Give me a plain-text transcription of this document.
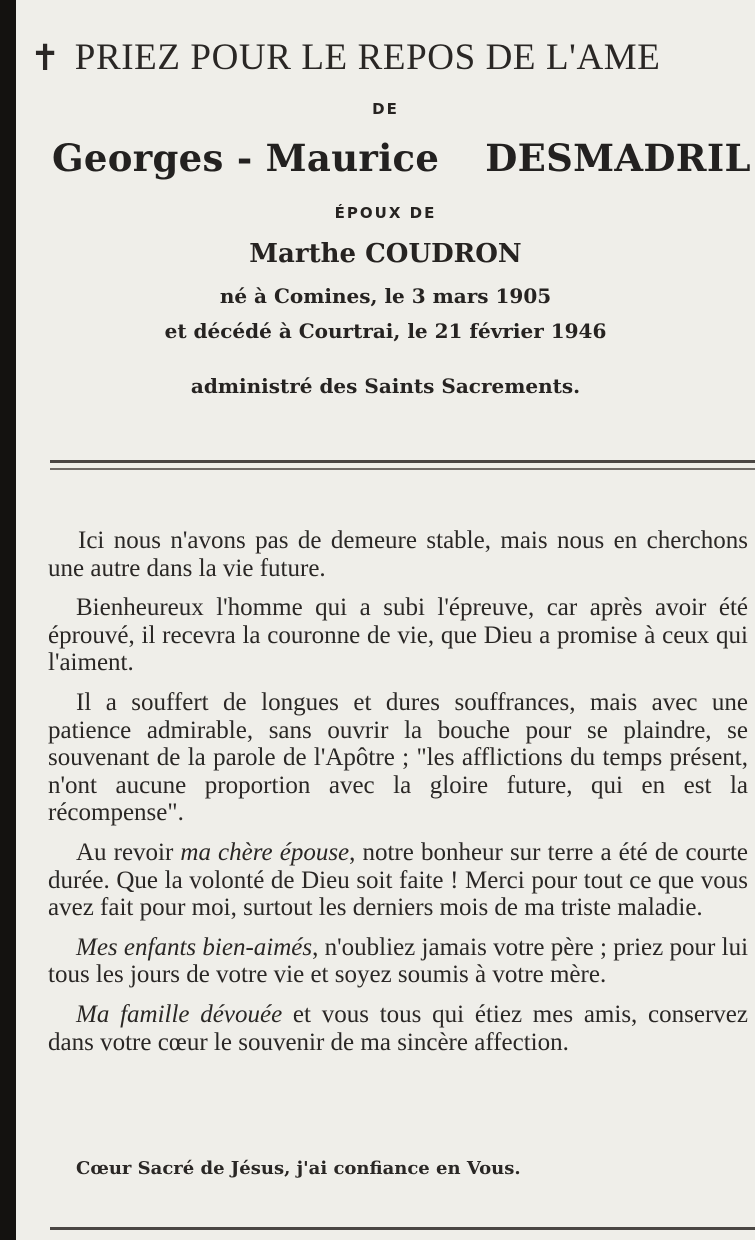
✝ PRIEZ POUR LE REPOS DE L'AME
DE
Georges - Maurice DESMADRIL
ÉPOUX DE
Marthe COUDRON
né à Comines, le 3 mars 1905
et décédé à Courtrai, le 21 février 1946
administré des Saints Sacrements.

Ici nous n'avons pas de demeure stable, mais nous en cherchons une autre dans la vie future.

Bienheureux l'homme qui a subi l'épreuve, car après avoir été éprouvé, il recevra la couronne de vie, que Dieu a promise à ceux qui l'aiment.

Il a souffert de longues et dures souffrances, mais avec une patience admirable, sans ouvrir la bouche pour se plaindre, se souvenant de la parole de l'Apôtre ; "les afflictions du temps présent, n'ont aucune proportion avec la gloire future, qui en est la récompense".

Au revoir ma chère épouse, notre bonheur sur terre a été de courte durée. Que la volonté de Dieu soit faite ! Merci pour tout ce que vous avez fait pour moi, surtout les derniers mois de ma triste maladie.

Mes enfants bien-aimés, n'oubliez jamais votre père ; priez pour lui tous les jours de votre vie et soyez soumis à votre mère.

Ma famille dévouée et vous tous qui étiez mes amis, conservez dans votre cœur le souvenir de ma sincère affection.

Cœur Sacré de Jésus, j'ai confiance en Vous.
